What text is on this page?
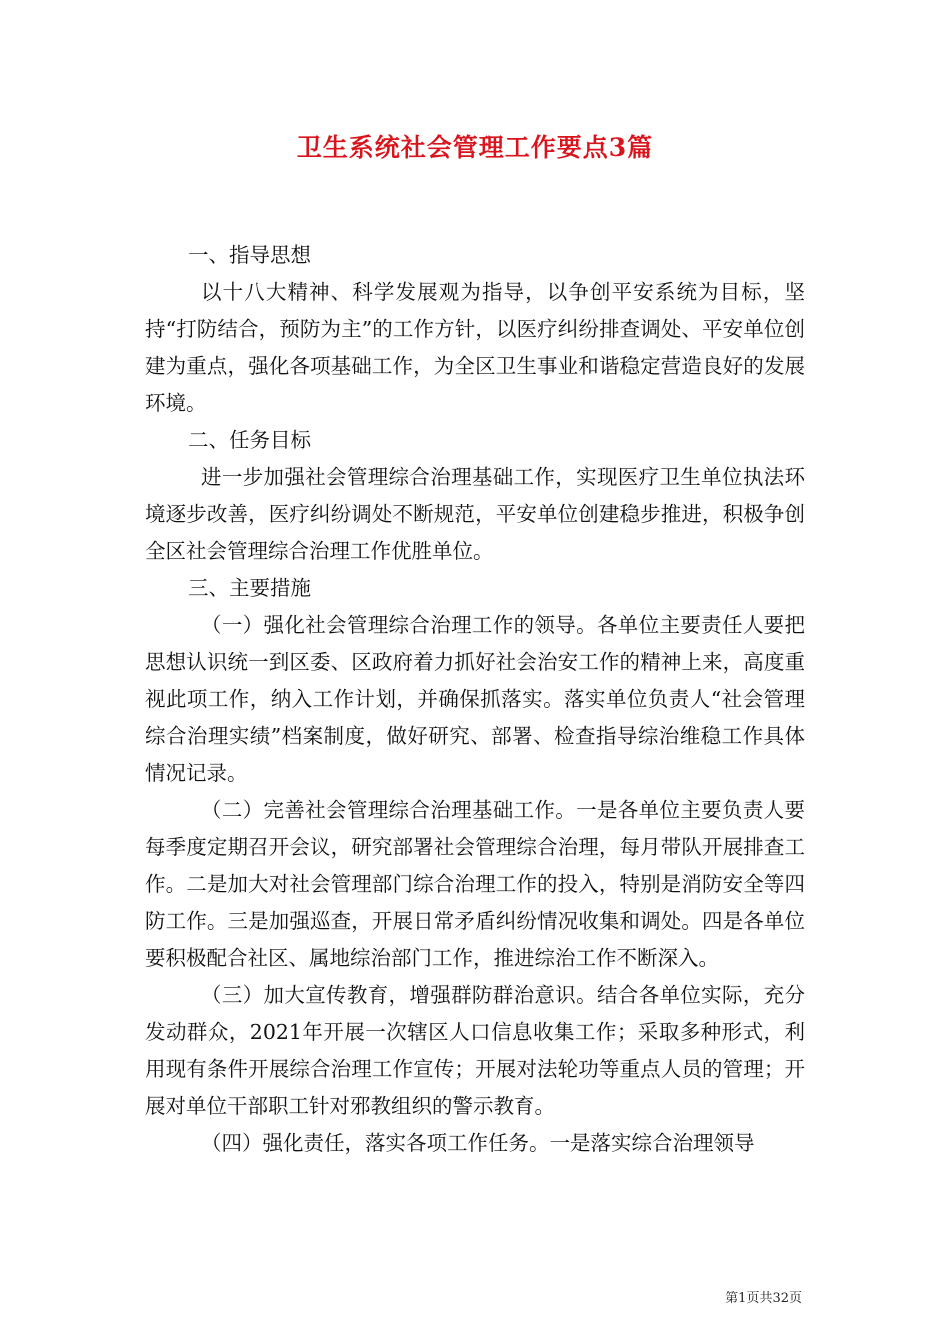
卫生系统社会管理工作要点3篇

一、指导思想

以十八大精神、科学发展观为指导，以争创平安系统为目标，坚持“打防结合，预防为主”的工作方针，以医疗纠纷排查调处、平安单位创建为重点，强化各项基础工作，为全区卫生事业和谐稳定营造良好的发展环境。

二、任务目标

进一步加强社会管理综合治理基础工作，实现医疗卫生单位执法环境逐步改善，医疗纠纷调处不断规范，平安单位创建稳步推进，积极争创全区社会管理综合治理工作优胜单位。

三、主要措施

（一）强化社会管理综合治理工作的领导。各单位主要责任人要把思想认识统一到区委、区政府着力抓好社会治安工作的精神上来，高度重视此项工作，纳入工作计划，并确保抓落实。落实单位负责人“社会管理综合治理实绩”档案制度，做好研究、部署、检查指导综治维稳工作具体情况记录。

（二）完善社会管理综合治理基础工作。一是各单位主要负责人要每季度定期召开会议，研究部署社会管理综合治理，每月带队开展排查工作。二是加大对社会管理部门综合治理工作的投入，特别是消防安全等四防工作。三是加强巡查，开展日常矛盾纠纷情况收集和调处。四是各单位要积极配合社区、属地综治部门工作，推进综治工作不断深入。

（三）加大宣传教育，增强群防群治意识。结合各单位实际，充分发动群众，2021年开展一次辖区人口信息收集工作；采取多种形式，利用现有条件开展综合治理工作宣传；开展对法轮功等重点人员的管理；开展对单位干部职工针对邪教组织的警示教育。

（四）强化责任，落实各项工作任务。一是落实综合治理领导

第1页共32页
